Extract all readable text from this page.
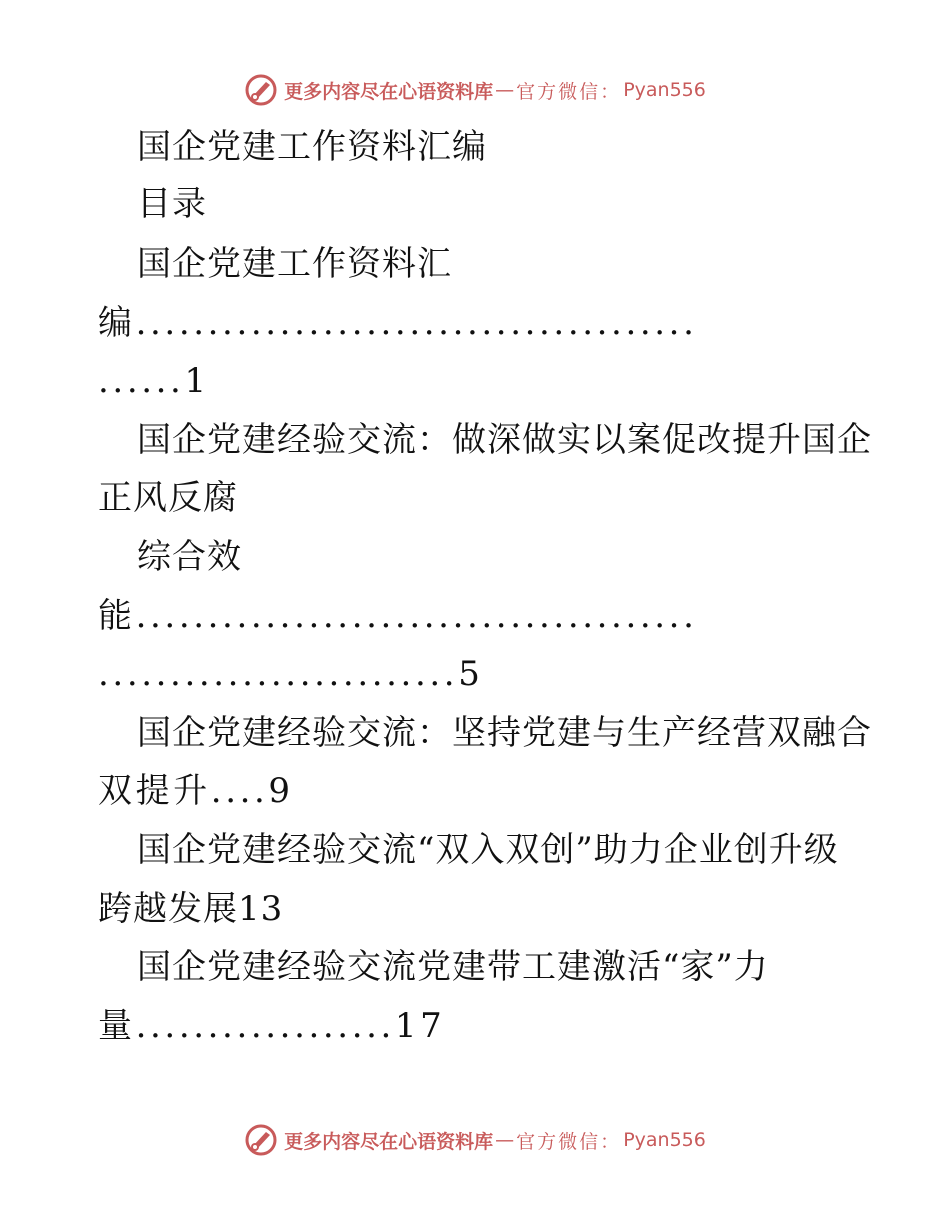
更多内容尽在心语资料库 — 官方微信： Pyan556
国企党建工作资料汇编
目录
国企党建工作资料汇
编.......................................
......1
国企党建经验交流：做深做实以案促改提升国企
正风反腐
综合效
能.......................................
.........................5
国企党建经验交流：坚持党建与生产经营双融合
双提升....9
国企党建经验交流“双入双创”助力企业创升级
跨越发展13
国企党建经验交流党建带工建激活“家”力
量..................17
更多内容尽在心语资料库 — 官方微信： Pyan556
